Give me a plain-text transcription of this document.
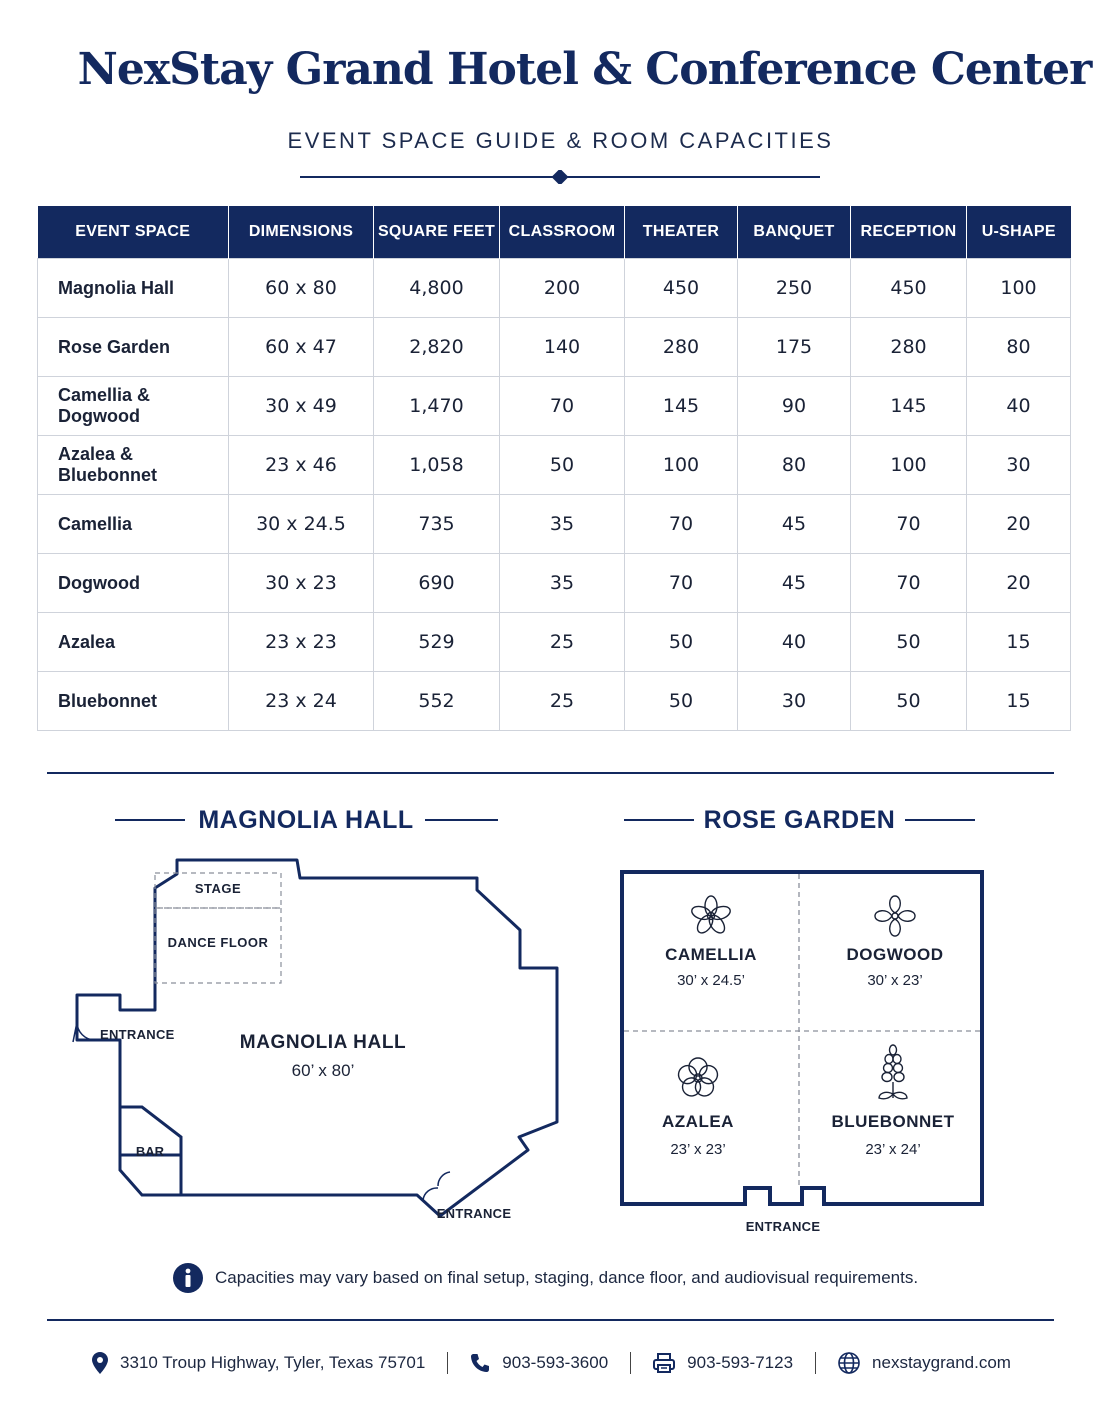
NexStay Grand Hotel & Conference Center
EVENT SPACE GUIDE & ROOM CAPACITIES
EVENT SPACE	DIMENSIONS	SQUARE FEET	CLASSROOM	THEATER	BANQUET	RECEPTION	U-SHAPE
Magnolia Hall	60 x 80	4,800	200	450	250	450	100
Rose Garden	60 x 47	2,820	140	280	175	280	80
Camellia & Dogwood	30 x 49	1,470	70	145	90	145	40
Azalea & Bluebonnet	23 x 46	1,058	50	100	80	100	30
Camellia	30 x 24.5	735	35	70	45	70	20
Dogwood	30 x 23	690	35	70	45	70	20
Azalea	23 x 23	529	25	50	40	50	15
Bluebonnet	23 x 24	552	25	50	30	50	15
MAGNOLIA HALL	ROSE GARDEN
STAGE
DANCE FLOOR
ENTRANCE
BAR
MAGNOLIA HALL
60’ x 80’
ENTRANCE
CAMELLIA
30’ x 24.5’
DOGWOOD
30’ x 23’
AZALEA
23’ x 23’
BLUEBONNET
23’ x 24’
ENTRANCE
Capacities may vary based on final setup, staging, dance floor, and audiovisual requirements.
3310 Troup Highway, Tyler, Texas 75701	903-593-3600	903-593-7123	nexstaygrand.com
